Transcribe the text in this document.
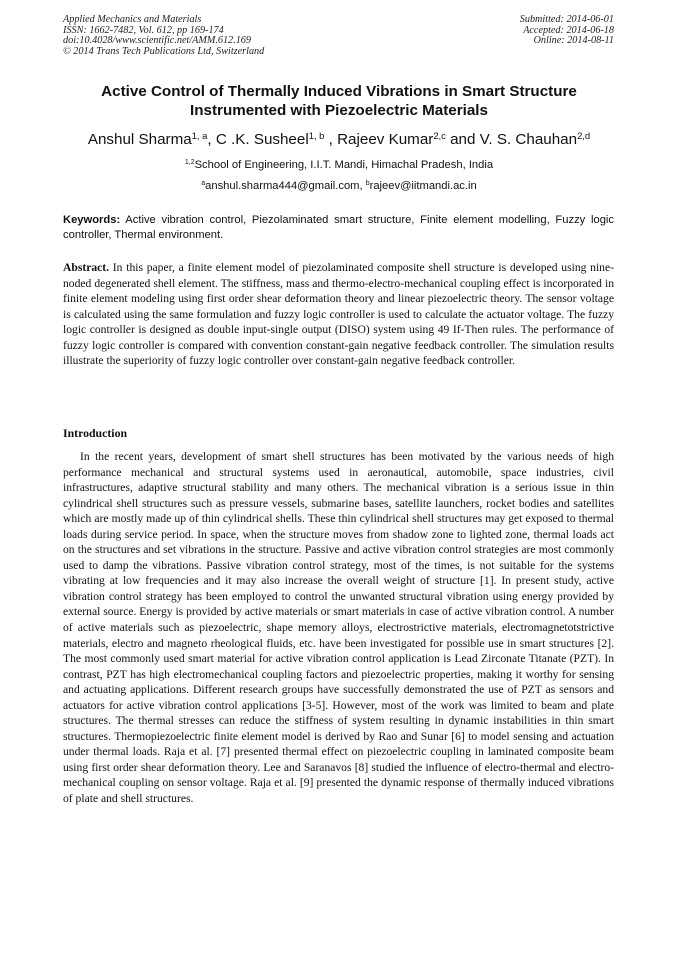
Applied Mechanics and Materials
ISSN: 1662-7482, Vol. 612, pp 169-174
doi:10.4028/www.scientific.net/AMM.612.169
© 2014 Trans Tech Publications Ltd, Switzerland
Submitted: 2014-06-01
Accepted: 2014-06-18
Online: 2014-08-11
Active Control of Thermally Induced Vibrations in Smart Structure
Instrumented with Piezoelectric Materials
Anshul Sharma$^{1, a}$, C .K. Susheel$^{1, b}$ , Rajeev Kumar$^{2,c}$ and V. S. Chauhan$^{2,d}$
$^{1,2}$School of Engineering, I.I.T. Mandi, Himachal Pradesh, India
$^a$anshul.sharma444@gmail.com, $^b$rajeev@iitmandi.ac.in
Keywords: Active vibration control, Piezolaminated smart structure, Finite element modelling, Fuzzy logic controller, Thermal environment.
Abstract. In this paper, a finite element model of piezolaminated composite shell structure is developed using nine-noded degenerated shell element. The stiffness, mass and thermo-electro-mechanical coupling effect is incorporated in finite element modeling using first order shear deformation theory and linear piezoelectric theory. The sensor voltage is calculated using the same formulation and fuzzy logic controller is used to calculate the actuator voltage. The fuzzy logic controller is designed as double input-single output (DISO) system using 49 If-Then rules. The performance of fuzzy logic controller is compared with convention constant-gain negative feedback controller. The simulation results illustrate the superiority of fuzzy logic controller over constant-gain negative feedback controller.
Introduction
In the recent years, development of smart shell structures has been motivated by the various needs of high performance mechanical and structural systems used in aeronautical, automobile, space industries, civil infrastructures, adaptive structural stability and many others. The mechanical vibration is a serious issue in thin cylindrical shell structures such as pressure vessels, submarine bases, satellite launchers, rocket bodies and satellites which are mostly made up of thin cylindrical shells. These thin cylindrical shell structures may get exposed to thermal loads during service period. In space, when the structure moves from shadow zone to lighted zone, thermal loads act on the structures and set vibrations in the structure. Passive and active vibration control strategies are most commonly used to damp the vibrations. Passive vibration control strategy, most of the times, is not suitable for the systems vibrating at low frequencies and it may also increase the overall weight of structure [1]. In present study, active vibration control strategy has been employed to control the unwanted structural vibration using energy provided by external source. Energy is provided by active materials or smart materials in case of active vibration control. A number of active materials such as piezoelectric, shape memory alloys, electrostrictive materials, electromagnetotstrictive materials, electro and magneto rheological fluids, etc. have been investigated for possible use in smart structures [2]. The most commonly used smart material for active vibration control application is Lead Zirconate Titanate (PZT). In contrast, PZT has high electromechanical coupling factors and piezoelectric properties, making it worthy for sensing and actuating applications. Different research groups have successfully demonstrated the use of PZT as sensors and actuators for active vibration control applications [3-5]. However, most of the work was limited to beam and plate structures. The thermal stresses can reduce the stiffness of system resulting in dynamic instabilities in thin smart structures. Thermopiezoelectric finite element model is derived by Rao and Sunar [6] to model sensing and actuation under thermal loads. Raja et al. [7] presented thermal effect on piezoelectric coupling in laminated composite beam using first order shear deformation theory. Lee and Saranavos [8] studied the influence of electro-thermal and electro-mechanical coupling on sensor voltage. Raja et al. [9] presented the dynamic response of thermally induced vibrations of plate and shell structures.
